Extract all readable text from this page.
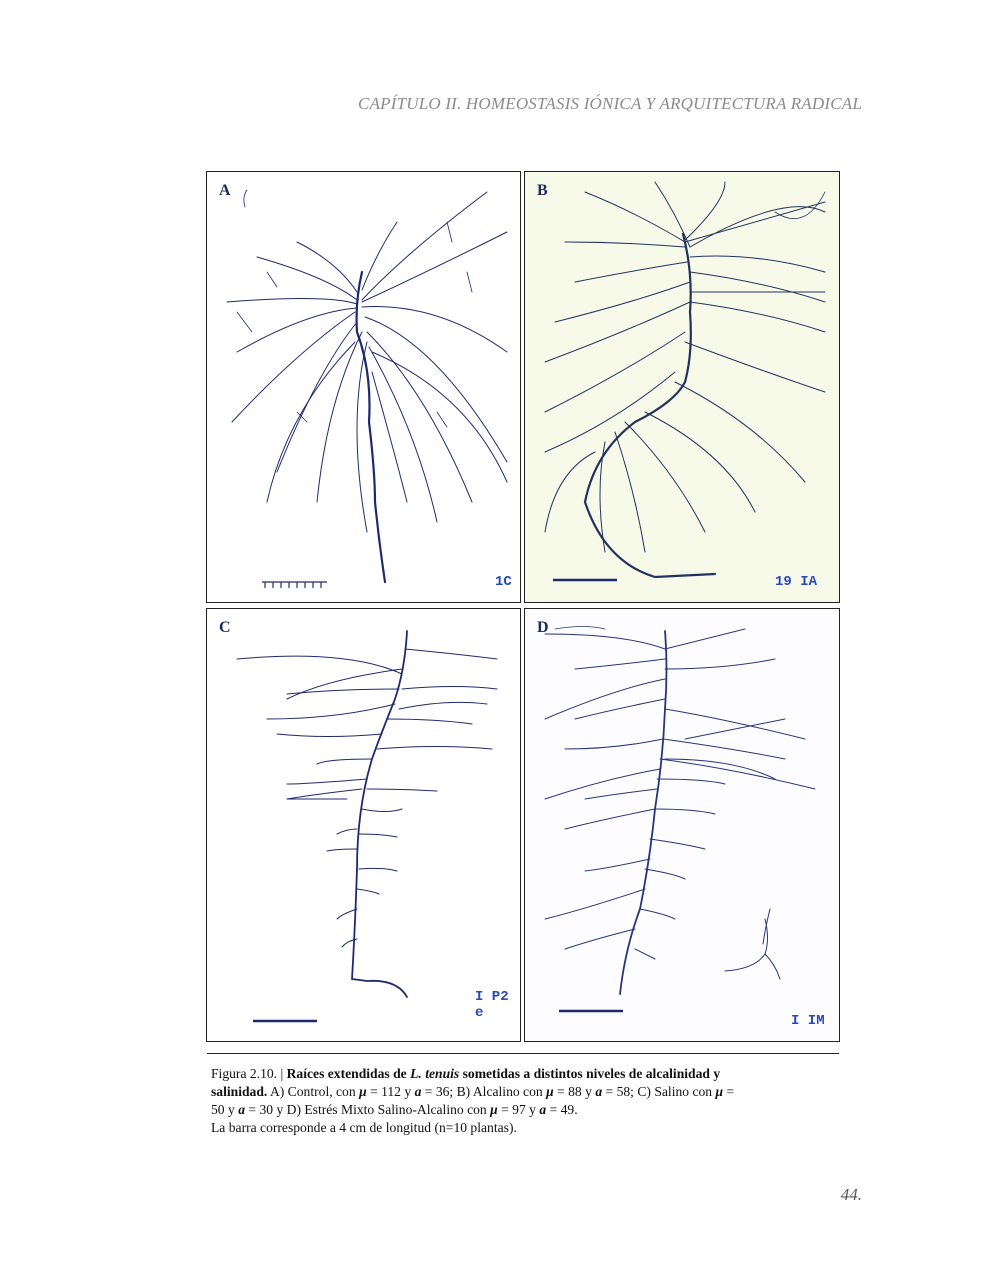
CAPÍTULO II. HOMEOSTASIS IÓNICA Y ARQUITECTURA RADICAL
A
1C
B
19 IA
C
I P2 e
D
I IM
Figura 2.10. | Raíces extendidas de L. tenuis sometidas a distintos niveles de alcalinidad y salinidad. A) Control, con μ = 112 y a = 36; B) Alcalino con μ = 88 y a = 58; C) Salino con μ = 50 y a = 30 y D) Estrés Mixto Salino-Alcalino con μ = 97 y a = 49.
La barra corresponde a 4 cm de longitud (n=10 plantas).
44.
